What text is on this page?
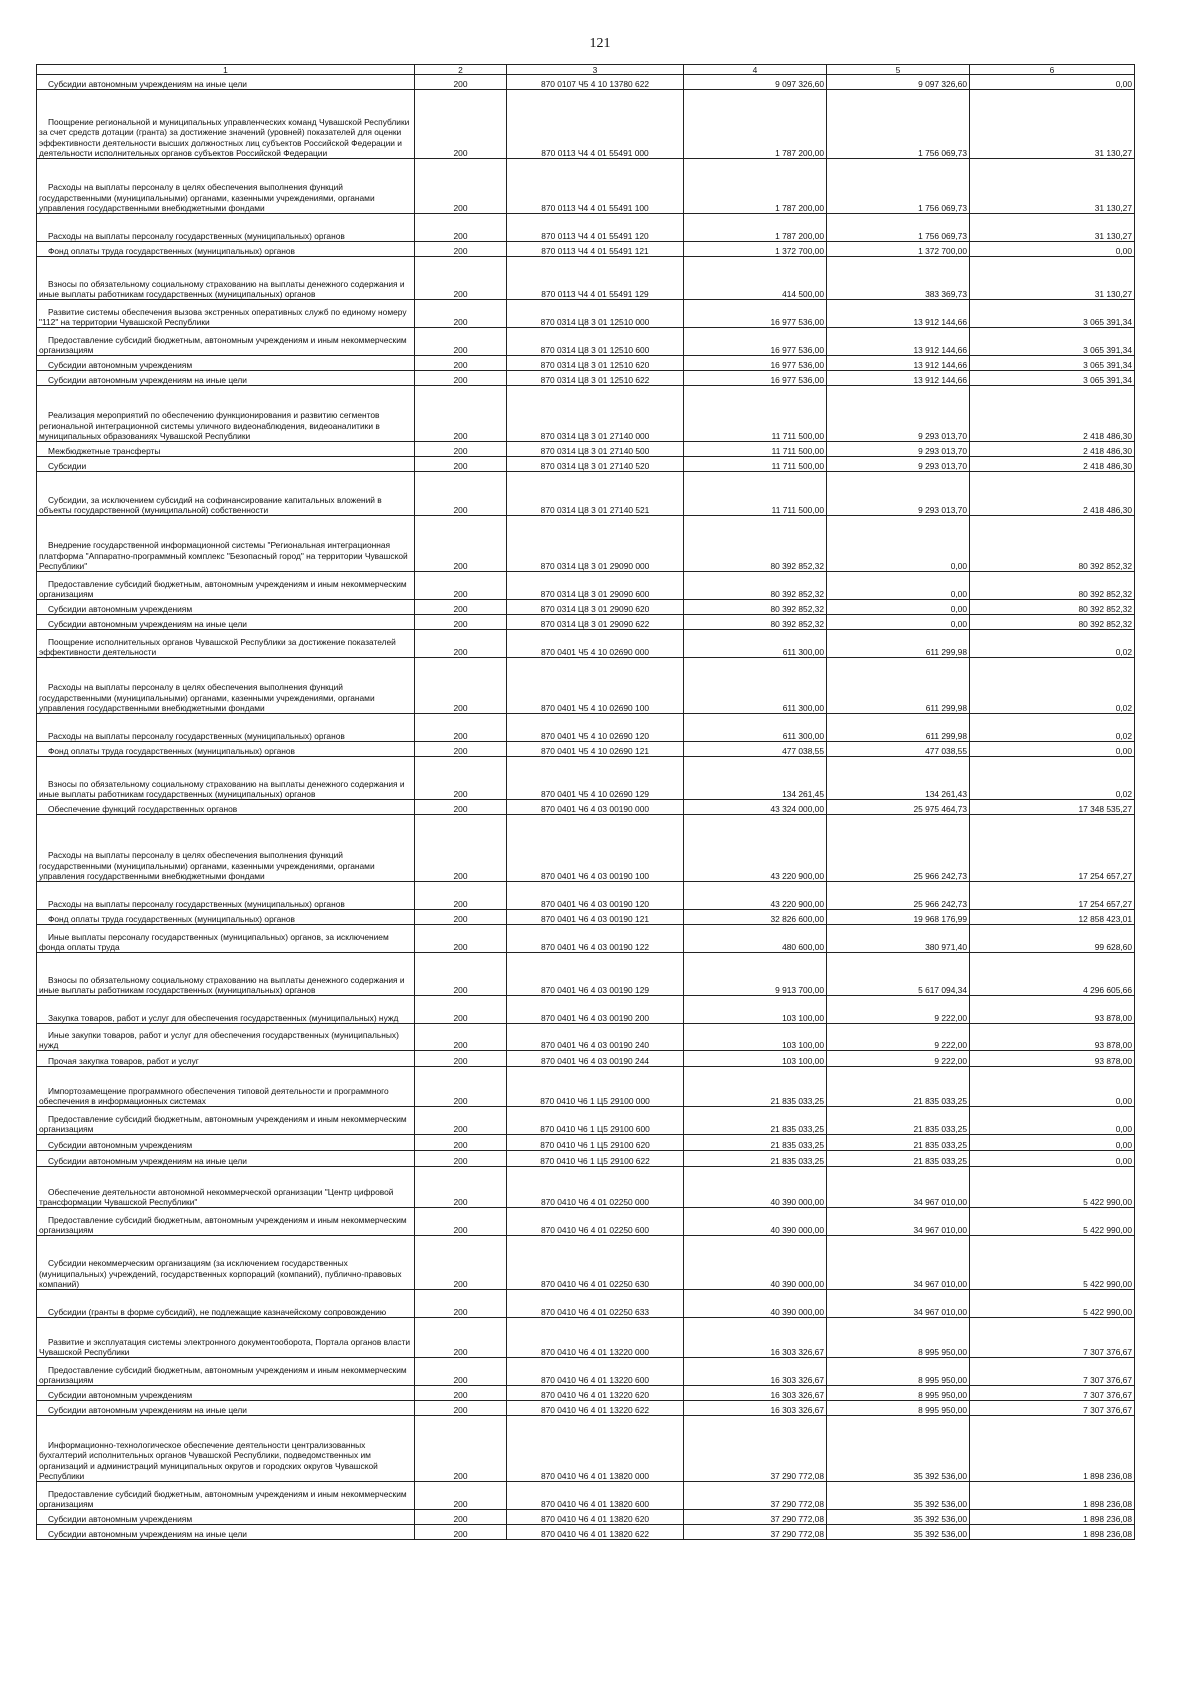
121
1	2	3	4	5	6
Субсидии автономным учреждениям на иные цели	200	870 0107 Ч5 4 10 13780 622	9 097 326,60	9 097 326,60	0,00
Поощрение региональной и муниципальных управленческих команд Чувашской Республики за счет средств дотации (гранта) за достижение значений (уровней) показателей для оценки эффективности деятельности высших должностных лиц субъектов Российской Федерации и деятельности исполнительных органов субъектов Российской Федерации	200	870 0113 Ч4 4 01 55491 000	1 787 200,00	1 756 069,73	31 130,27
Расходы на выплаты персоналу в целях обеспечения выполнения функций государственными (муниципальными) органами, казенными учреждениями, органами управления государственными внебюджетными фондами	200	870 0113 Ч4 4 01 55491 100	1 787 200,00	1 756 069,73	31 130,27
Расходы на выплаты персоналу государственных (муниципальных) органов	200	870 0113 Ч4 4 01 55491 120	1 787 200,00	1 756 069,73	31 130,27
Фонд оплаты труда государственных (муниципальных) органов	200	870 0113 Ч4 4 01 55491 121	1 372 700,00	1 372 700,00	0,00
Взносы по обязательному социальному страхованию на выплаты денежного содержания и иные выплаты работникам государственных (муниципальных) органов	200	870 0113 Ч4 4 01 55491 129	414 500,00	383 369,73	31 130,27
Развитие системы обеспечения вызова экстренных оперативных служб по единому номеру "112" на территории Чувашской Республики	200	870 0314 Ц8 3 01 12510 000	16 977 536,00	13 912 144,66	3 065 391,34
Предоставление субсидий бюджетным, автономным учреждениям и иным некоммерческим организациям	200	870 0314 Ц8 3 01 12510 600	16 977 536,00	13 912 144,66	3 065 391,34
Субсидии автономным учреждениям	200	870 0314 Ц8 3 01 12510 620	16 977 536,00	13 912 144,66	3 065 391,34
Субсидии автономным учреждениям на иные цели	200	870 0314 Ц8 3 01 12510 622	16 977 536,00	13 912 144,66	3 065 391,34
Реализация мероприятий по обеспечению функционирования и развитию сегментов региональной интеграционной системы уличного видеонаблюдения, видеоаналитики в муниципальных образованиях Чувашской Республики	200	870 0314 Ц8 3 01 27140 000	11 711 500,00	9 293 013,70	2 418 486,30
Межбюджетные трансферты	200	870 0314 Ц8 3 01 27140 500	11 711 500,00	9 293 013,70	2 418 486,30
Субсидии	200	870 0314 Ц8 3 01 27140 520	11 711 500,00	9 293 013,70	2 418 486,30
Субсидии, за исключением субсидий на софинансирование капитальных вложений в объекты государственной (муниципальной) собственности	200	870 0314 Ц8 3 01 27140 521	11 711 500,00	9 293 013,70	2 418 486,30
Внедрение государственной информационной системы "Региональная интеграционная платформа "Аппаратно-программный комплекс "Безопасный город" на территории Чувашской Республики"	200	870 0314 Ц8 3 01 29090 000	80 392 852,32	0,00	80 392 852,32
Предоставление субсидий бюджетным, автономным учреждениям и иным некоммерческим организациям	200	870 0314 Ц8 3 01 29090 600	80 392 852,32	0,00	80 392 852,32
Субсидии автономным учреждениям	200	870 0314 Ц8 3 01 29090 620	80 392 852,32	0,00	80 392 852,32
Субсидии автономным учреждениям на иные цели	200	870 0314 Ц8 3 01 29090 622	80 392 852,32	0,00	80 392 852,32
Поощрение исполнительных органов Чувашской Республики за достижение показателей эффективности деятельности	200	870 0401 Ч5 4 10 02690 000	611 300,00	611 299,98	0,02
Расходы на выплаты персоналу в целях обеспечения выполнения функций государственными (муниципальными) органами, казенными учреждениями, органами управления государственными внебюджетными фондами	200	870 0401 Ч5 4 10 02690 100	611 300,00	611 299,98	0,02
Расходы на выплаты персоналу государственных (муниципальных) органов	200	870 0401 Ч5 4 10 02690 120	611 300,00	611 299,98	0,02
Фонд оплаты труда государственных (муниципальных) органов	200	870 0401 Ч5 4 10 02690 121	477 038,55	477 038,55	0,00
Взносы по обязательному социальному страхованию на выплаты денежного содержания и иные выплаты работникам государственных (муниципальных) органов	200	870 0401 Ч5 4 10 02690 129	134 261,45	134 261,43	0,02
Обеспечение функций государственных органов	200	870 0401 Ч6 4 03 00190 000	43 324 000,00	25 975 464,73	17 348 535,27
Расходы на выплаты персоналу в целях обеспечения выполнения функций государственными (муниципальными) органами, казенными учреждениями, органами управления государственными внебюджетными фондами	200	870 0401 Ч6 4 03 00190 100	43 220 900,00	25 966 242,73	17 254 657,27
Расходы на выплаты персоналу государственных (муниципальных) органов	200	870 0401 Ч6 4 03 00190 120	43 220 900,00	25 966 242,73	17 254 657,27
Фонд оплаты труда государственных (муниципальных) органов	200	870 0401 Ч6 4 03 00190 121	32 826 600,00	19 968 176,99	12 858 423,01
Иные выплаты персоналу государственных (муниципальных) органов, за исключением фонда оплаты труда	200	870 0401 Ч6 4 03 00190 122	480 600,00	380 971,40	99 628,60
Взносы по обязательному социальному страхованию на выплаты денежного содержания и иные выплаты работникам государственных (муниципальных) органов	200	870 0401 Ч6 4 03 00190 129	9 913 700,00	5 617 094,34	4 296 605,66
Закупка товаров, работ и услуг для обеспечения государственных (муниципальных) нужд	200	870 0401 Ч6 4 03 00190 200	103 100,00	9 222,00	93 878,00
Иные закупки товаров, работ и услуг для обеспечения государственных (муниципальных) нужд	200	870 0401 Ч6 4 03 00190 240	103 100,00	9 222,00	93 878,00
Прочая закупка товаров, работ и услуг	200	870 0401 Ч6 4 03 00190 244	103 100,00	9 222,00	93 878,00
Импортозамещение программного обеспечения типовой деятельности и программного обеспечения в информационных системах	200	870 0410 Ч6 1 Ц5 29100 000	21 835 033,25	21 835 033,25	0,00
Предоставление субсидий бюджетным, автономным учреждениям и иным некоммерческим организациям	200	870 0410 Ч6 1 Ц5 29100 600	21 835 033,25	21 835 033,25	0,00
Субсидии автономным учреждениям	200	870 0410 Ч6 1 Ц5 29100 620	21 835 033,25	21 835 033,25	0,00
Субсидии автономным учреждениям на иные цели	200	870 0410 Ч6 1 Ц5 29100 622	21 835 033,25	21 835 033,25	0,00
Обеспечение деятельности автономной некоммерческой организации "Центр цифровой трансформации Чувашской Республики"	200	870 0410 Ч6 4 01 02250 000	40 390 000,00	34 967 010,00	5 422 990,00
Предоставление субсидий бюджетным, автономным учреждениям и иным некоммерческим организациям	200	870 0410 Ч6 4 01 02250 600	40 390 000,00	34 967 010,00	5 422 990,00
Субсидии некоммерческим организациям (за исключением государственных (муниципальных) учреждений, государственных корпораций (компаний), публично-правовых компаний)	200	870 0410 Ч6 4 01 02250 630	40 390 000,00	34 967 010,00	5 422 990,00
Субсидии (гранты в форме субсидий), не подлежащие казначейскому сопровождению	200	870 0410 Ч6 4 01 02250 633	40 390 000,00	34 967 010,00	5 422 990,00
Развитие и эксплуатация системы электронного документооборота, Портала органов власти Чувашской Республики	200	870 0410 Ч6 4 01 13220 000	16 303 326,67	8 995 950,00	7 307 376,67
Предоставление субсидий бюджетным, автономным учреждениям и иным некоммерческим организациям	200	870 0410 Ч6 4 01 13220 600	16 303 326,67	8 995 950,00	7 307 376,67
Субсидии автономным учреждениям	200	870 0410 Ч6 4 01 13220 620	16 303 326,67	8 995 950,00	7 307 376,67
Субсидии автономным учреждениям на иные цели	200	870 0410 Ч6 4 01 13220 622	16 303 326,67	8 995 950,00	7 307 376,67
Информационно-технологическое обеспечение деятельности централизованных бухгалтерий исполнительных органов Чувашской Республики, подведомственных им организаций и администраций муниципальных округов и городских округов Чувашской Республики	200	870 0410 Ч6 4 01 13820 000	37 290 772,08	35 392 536,00	1 898 236,08
Предоставление субсидий бюджетным, автономным учреждениям и иным некоммерческим организациям	200	870 0410 Ч6 4 01 13820 600	37 290 772,08	35 392 536,00	1 898 236,08
Субсидии автономным учреждениям	200	870 0410 Ч6 4 01 13820 620	37 290 772,08	35 392 536,00	1 898 236,08
Субсидии автономным учреждениям на иные цели	200	870 0410 Ч6 4 01 13820 622	37 290 772,08	35 392 536,00	1 898 236,08
